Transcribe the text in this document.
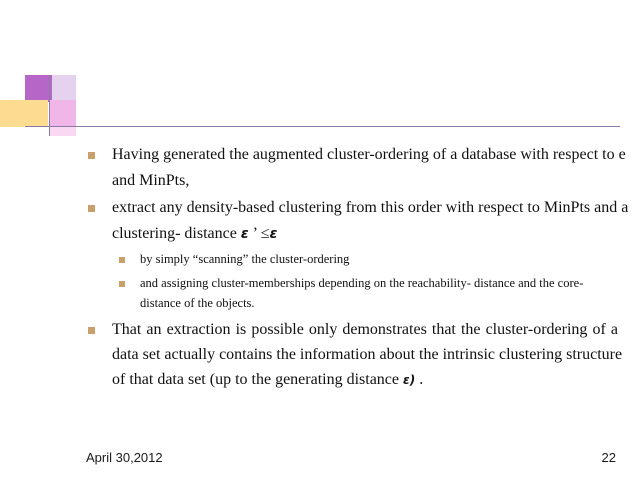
Having generated the augmented cluster-ordering of a database with respect to e
and MinPts,
extract any density-based clustering from this order with respect to MinPts and a
clustering- distance ε ’ ≤ε
by simply “scanning” the cluster-ordering
and assigning cluster-memberships depending on the reachability- distance and the core-
distance of the objects.
That an extraction is possible only demonstrates that the cluster-ordering of a
data set actually contains the information about the intrinsic clustering structure
of that data set (up to the generating distance ε) .
April 30,2012	22
